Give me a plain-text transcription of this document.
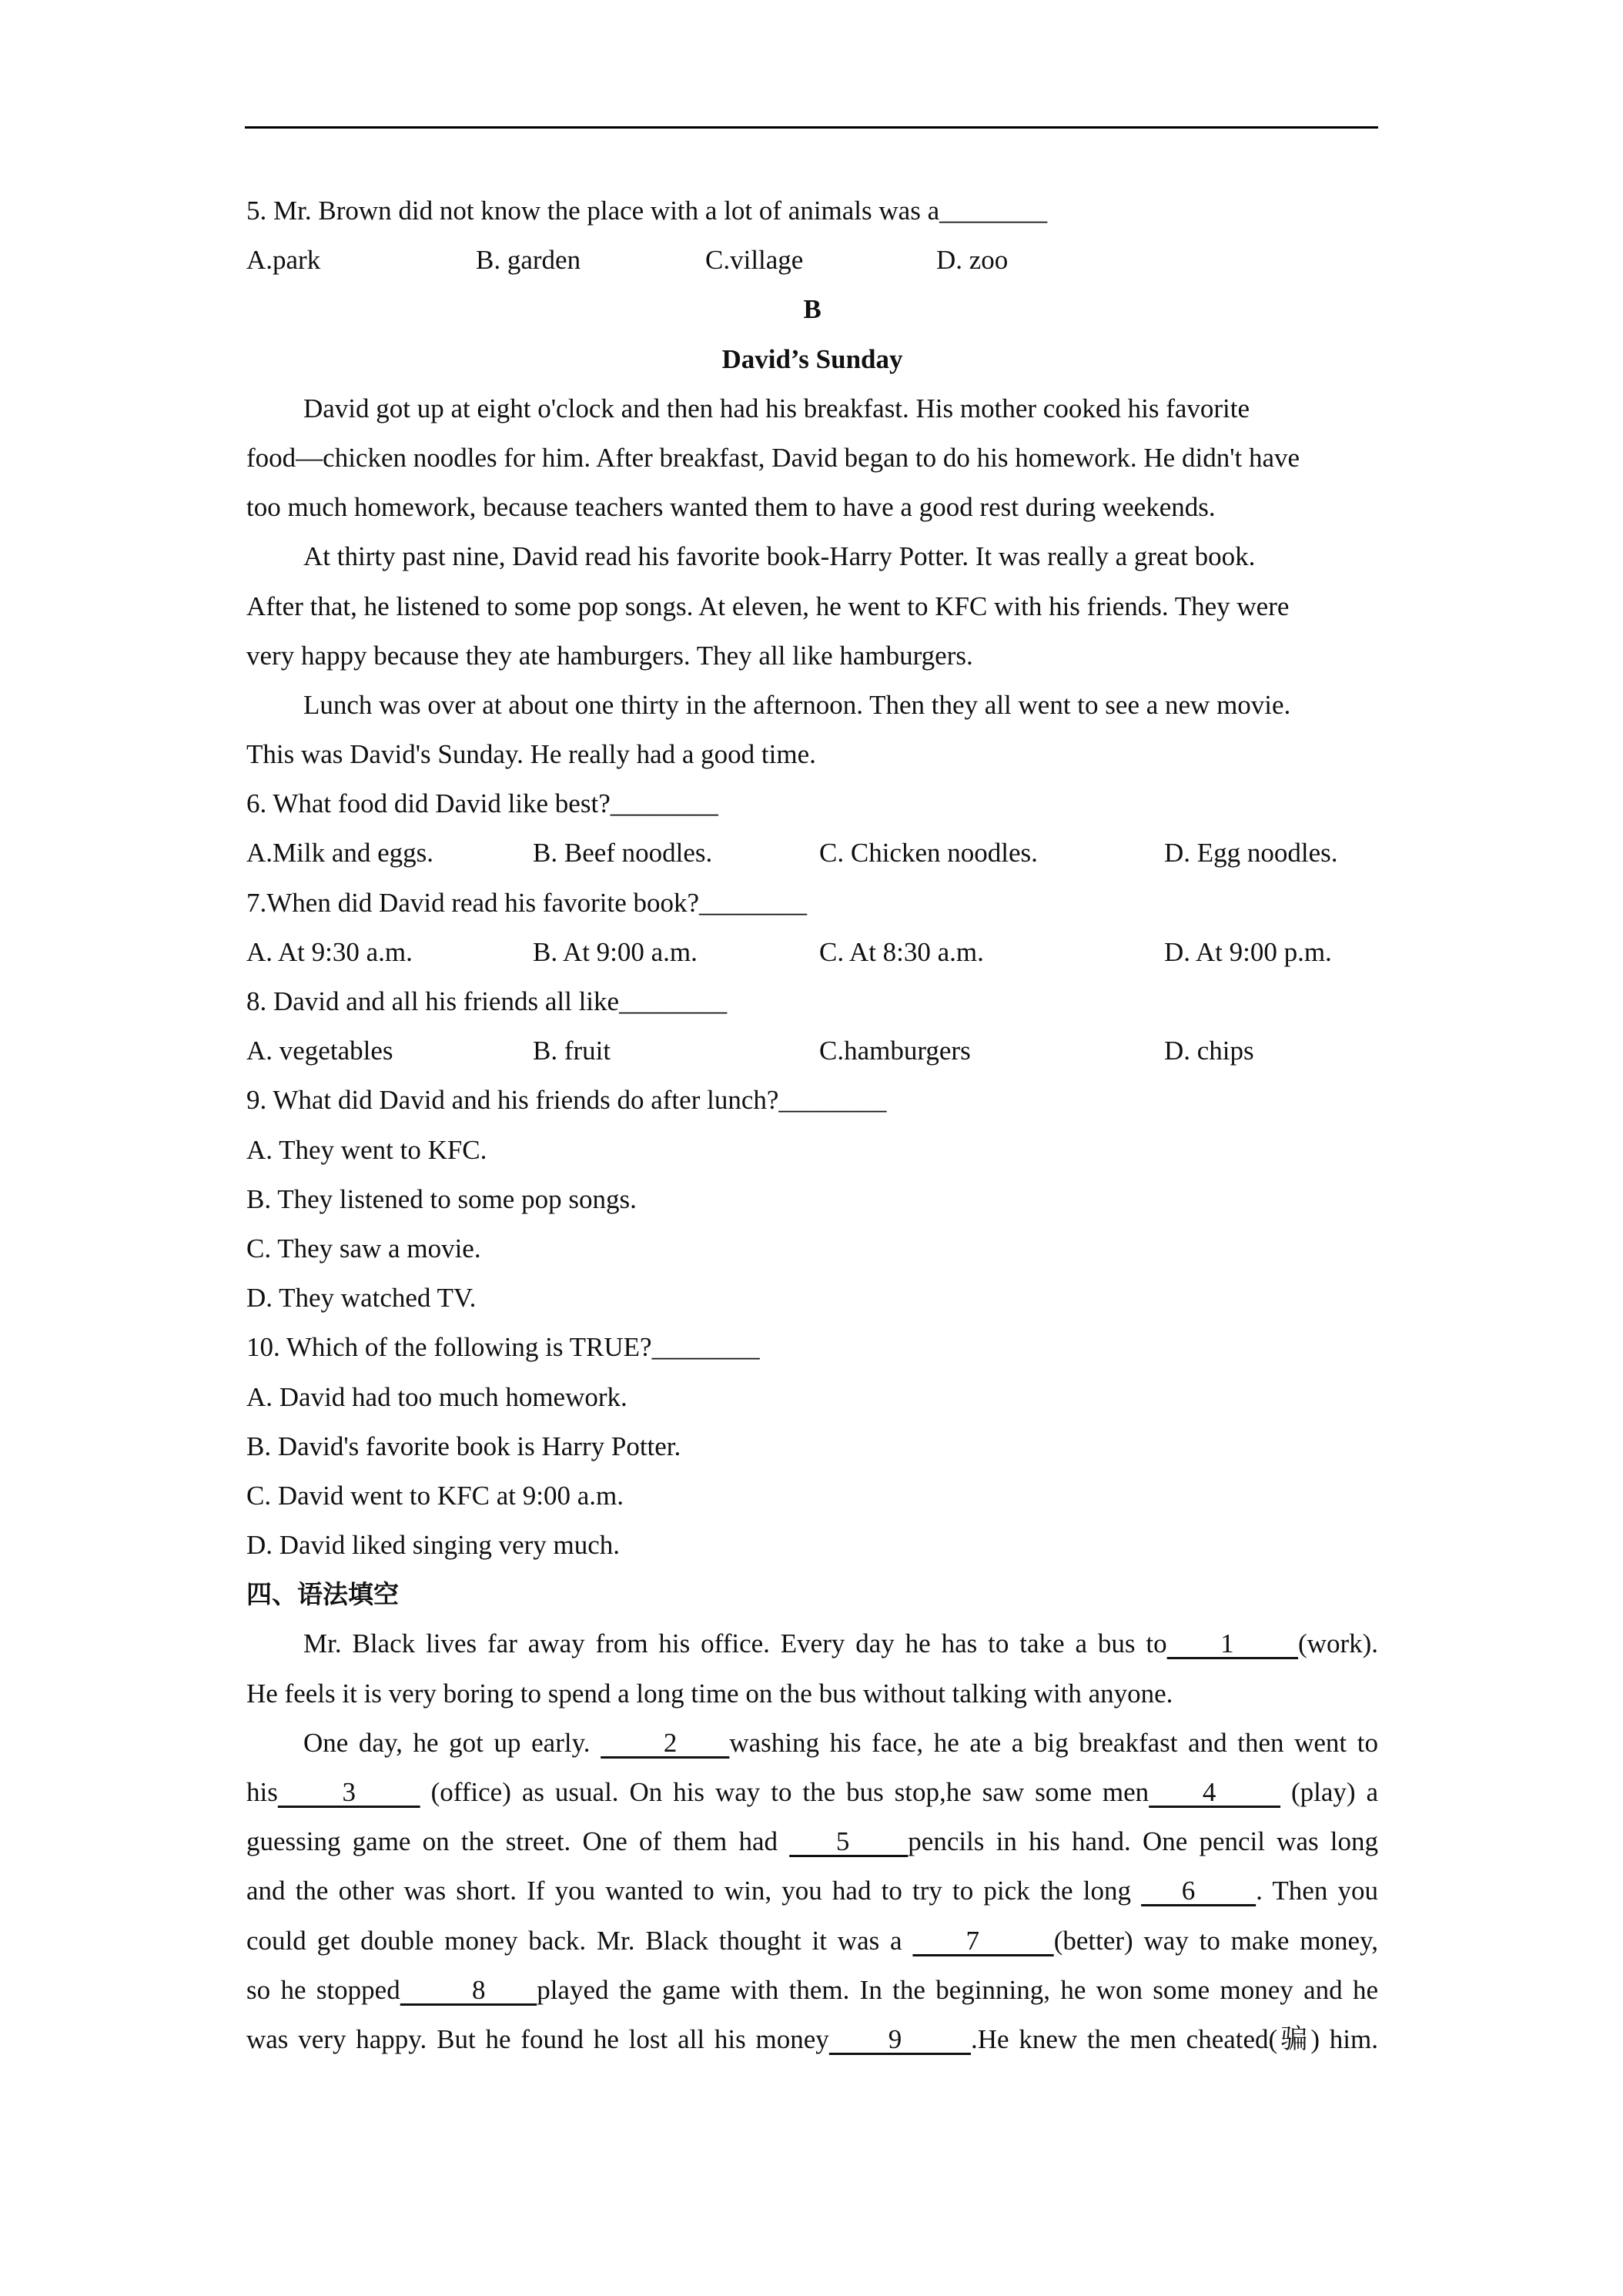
5. Mr. Brown did not know the place with a lot of animals was a________
A.park	B. garden	C.village	D. zoo
B
David’s Sunday
David got up at eight o'clock and then had his breakfast. His mother cooked his favorite
food—chicken noodles for him. After breakfast, David began to do his homework. He didn't have
too much homework, because teachers wanted them to have a good rest during weekends.
At thirty past nine, David read his favorite book-Harry Potter. It was really a great book.
After that, he listened to some pop songs. At eleven, he went to KFC with his friends. They were
very happy because they ate hamburgers. They all like hamburgers.
Lunch was over at about one thirty in the afternoon. Then they all went to see a new movie.
This was David's Sunday. He really had a good time.
6. What food did David like best?________
A.Milk and eggs.	B. Beef noodles.	C. Chicken noodles.	D. Egg noodles.
7.When did David read his favorite book?________
A. At 9:30 a.m.	B. At 9:00 a.m.	C. At 8:30 a.m.	D. At 9:00 p.m.
8. David and all his friends all like________
A. vegetables	B. fruit	C.hamburgers	D. chips
9. What did David and his friends do after lunch?________
A. They went to KFC.
B. They listened to some pop songs.
C. They saw a movie.
D. They watched TV.
10. Which of the following is TRUE?________
A. David had too much homework.
B. David's favorite book is Harry Potter.
C. David went to KFC at 9:00 a.m.
D. David liked singing very much.
四、语法填空
Mr. Black lives far away from his office. Every day he has to take a bus to     1      (work).
He feels it is very boring to spend a long time on the bus without talking with anyone.
One day, he got up early.       2     washing his face, he ate a big breakfast and then went to
his      3       (office) as usual. On his way to the bus stop,he saw some men     4       (play) a
guessing game on the street. One of them had     5     pencils in his hand. One pencil was long
and the other was short. If you wanted to win, you had to try to pick the long     6      . Then you
could get double money back. Mr. Black thought it was a      7       (better) way to make money,
so he stopped       8     played the game with them. In the beginning, he won some money and he
was very happy. But he found he lost all his money      9       .He knew the men cheated(骗) him.
